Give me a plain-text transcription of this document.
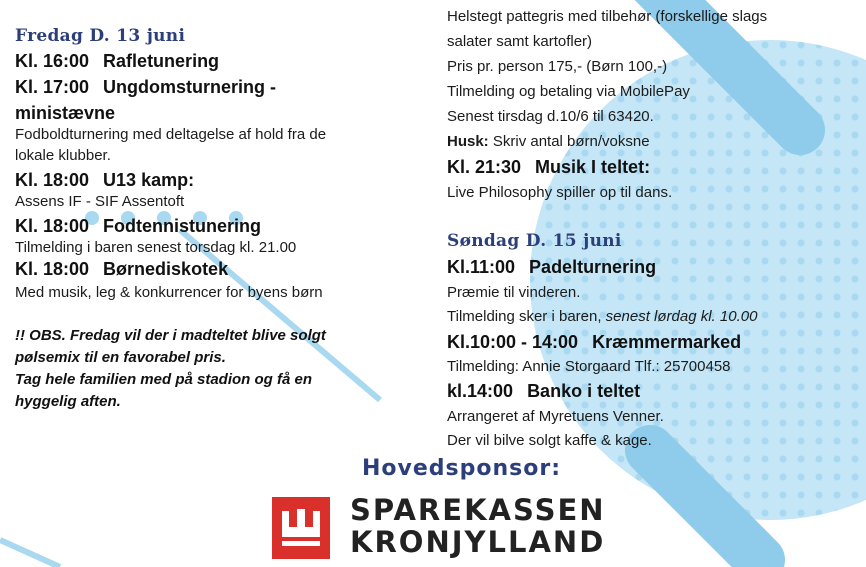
Fredag D. 13 juni
Kl. 16:00 Rafletunering
Kl. 17:00 Ungdomsturnering -
ministævne
Fodboldturnering med deltagelse af hold fra de
lokale klubber.
Kl. 18:00 U13 kamp:
Assens IF - SIF Assentoft
Kl. 18:00 Fodtennistunering
Tilmelding i baren senest torsdag kl. 21.00
Kl. 18:00 Børnediskotek
Med musik, leg & konkurrencer for byens børn
!! OBS. Fredag vil der i madteltet blive solgt
pølsemix til en favorabel pris.
Tag hele familien med på stadion og få en
hyggelig aften.
Helstegt pattegris med tilbehør (forskellige slags
salater samt kartofler)
Pris pr. person 175,- (Børn 100,-)
Tilmelding og betaling via MobilePay
Senest tirsdag d.10/6 til 63420.
Husk: Skriv antal børn/voksne
Kl. 21:30 Musik I teltet:
Live Philosophy spiller op til dans.
Søndag D. 15 juni
Kl.11:00 Padelturnering
Præmie til vinderen.
Tilmelding sker i baren, senest lørdag kl. 10.00
Kl.10:00 - 14:00 Kræmmermarked
Tilmelding: Annie Storgaard Tlf.: 25700458
kl.14:00 Banko i teltet
Arrangeret af Myretuens Venner.
Der vil bilve solgt kaffe & kage.
Hovedsponsor:
SPAREKASSEN
KRONJYLLAND
